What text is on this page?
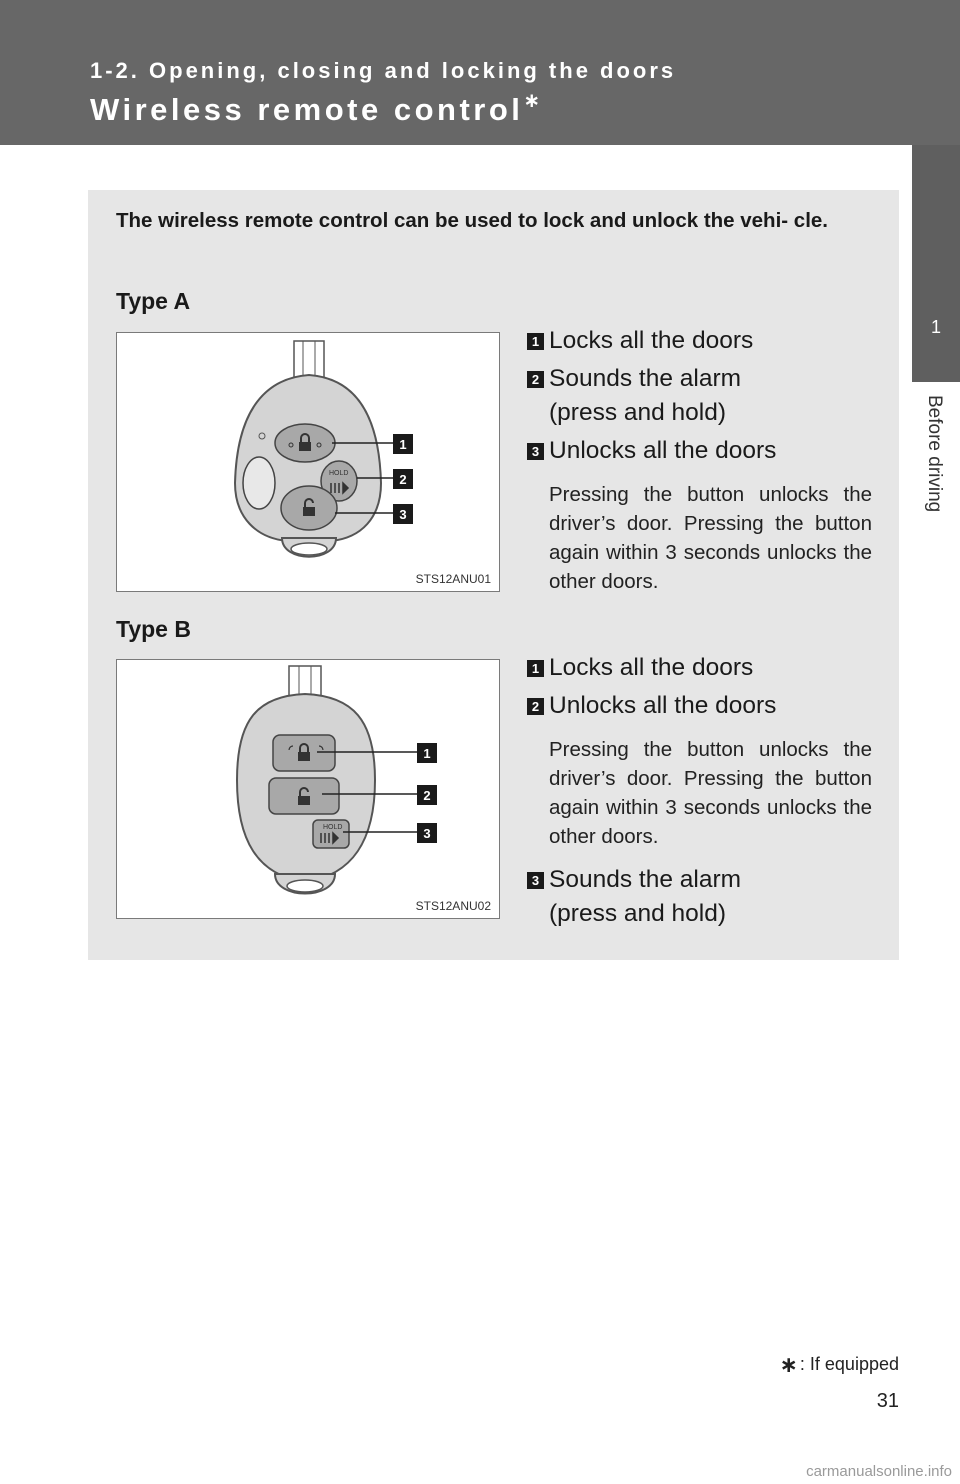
1-2. Opening, closing and locking the doors
Wireless remote control∗
1
Before driving
The wireless remote control can be used to lock and unlock the vehi- cle.
Type A
HOLD
1
2
3
STS12ANU01
1 Locks all the doors
2 Sounds the alarm
(press and hold)
3 Unlocks all the doors
Pressing the button unlocks the driver’s door. Pressing the button again within 3 seconds unlocks the other doors.
Type B
HOLD
1
2
3
STS12ANU02
1 Locks all the doors
2 Unlocks all the doors
Pressing the button unlocks the driver’s door. Pressing the button again within 3 seconds unlocks the other doors.
3 Sounds the alarm
(press and hold)
∗ : If equipped
31
carmanualsonline.info
